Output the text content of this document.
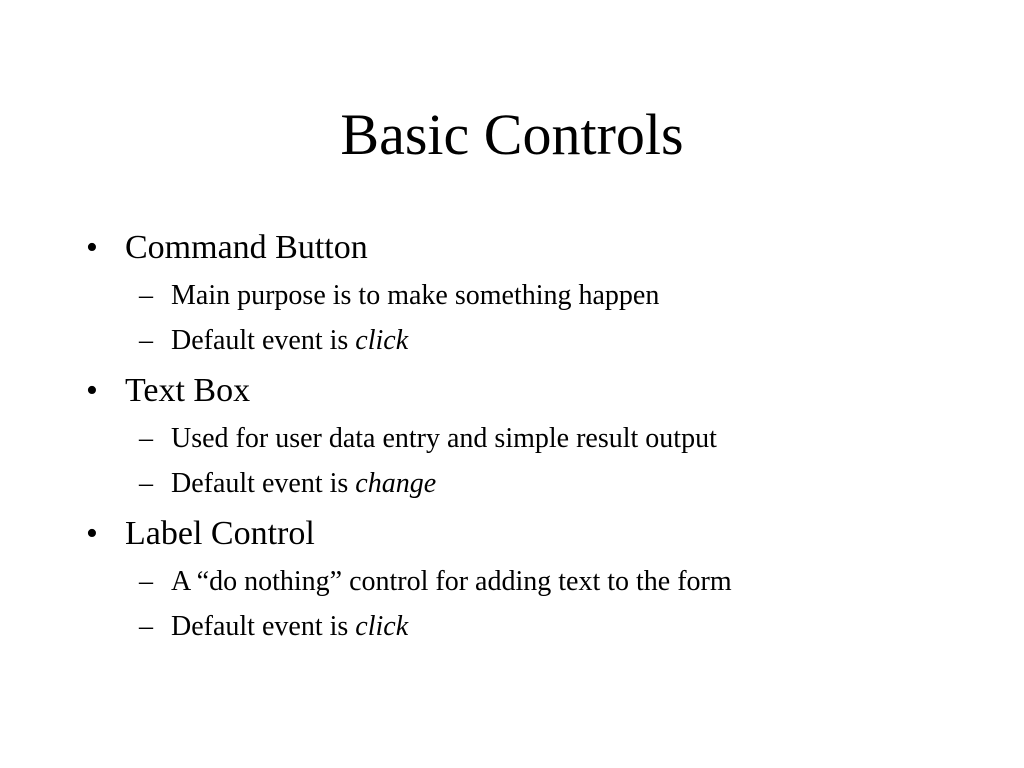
Basic Controls
• Command Button
– Main purpose is to make something happen
– Default event is click
• Text Box
– Used for user data entry and simple result output
– Default event is change
• Label Control
– A “do nothing” control for adding text to the form
– Default event is click
